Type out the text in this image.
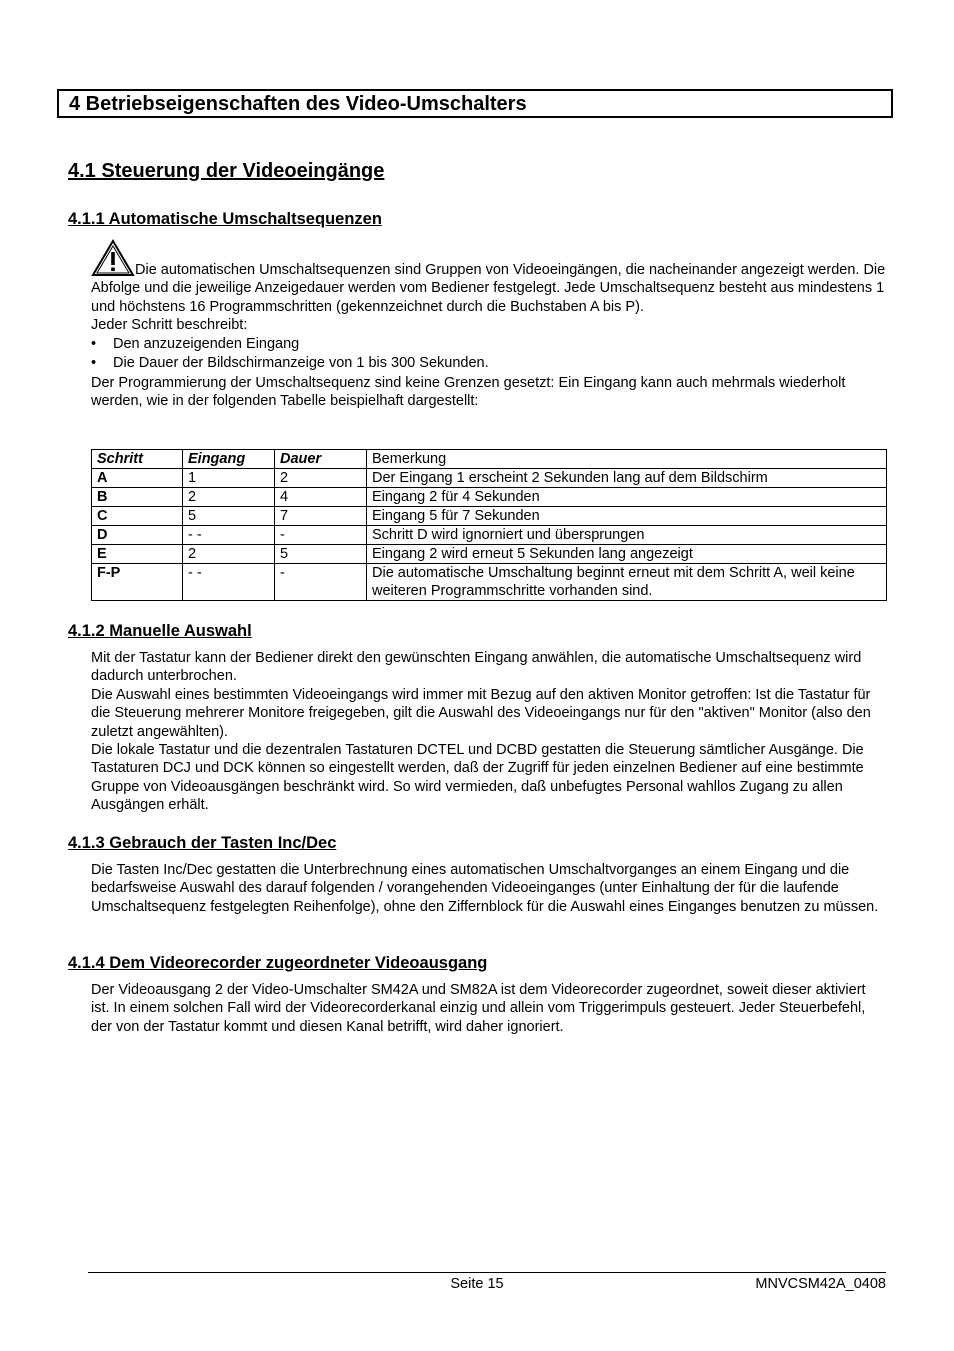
4 Betriebseigenschaften des Video-Umschalters
4.1 Steuerung der Videoeingänge
4.1.1 Automatische Umschaltsequenzen

Die automatischen Umschaltsequenzen sind Gruppen von Videoeingängen, die nacheinander angezeigt werden. Die Abfolge und die jeweilige Anzeigedauer werden vom Bediener festgelegt. Jede Umschaltsequenz besteht aus mindestens 1 und höchstens 16 Programmschritten (gekennzeichnet durch die Buchstaben A bis P).

Jeder Schritt beschreibt:

• Den anzuzeigenden Eingang
• Die Dauer der Bildschirmanzeige von 1 bis 300 Sekunden.

Der Programmierung der Umschaltsequenz sind keine Grenzen gesetzt: Ein Eingang kann auch mehrmals wiederholt werden, wie in der folgenden Tabelle beispielhaft dargestellt:

Schritt	Eingang	Dauer	Bemerkung
A	1	2	Der Eingang 1 erscheint 2 Sekunden lang auf dem Bildschirm
B	2	4	Eingang 2 für 4 Sekunden
C	5	7	Eingang 5 für 7 Sekunden
D	- -	-	Schritt D wird ignorniert und übersprungen
E	2	5	Eingang 2 wird erneut 5 Sekunden lang angezeigt
F-P	- -	-	Die automatische Umschaltung beginnt erneut mit dem Schritt A, weil keine weiteren Programmschritte vorhanden sind.
4.1.2 Manuelle Auswahl

Mit der Tastatur kann der Bediener direkt den gewünschten Eingang anwählen, die automatische Umschaltsequenz wird dadurch unterbrochen.

Die Auswahl eines bestimmten Videoeingangs wird immer mit Bezug auf den aktiven Monitor getroffen: Ist die Tastatur für die Steuerung mehrerer Monitore freigegeben, gilt die Auswahl des Videoeingangs nur für den "aktiven" Monitor (also den zuletzt angewählten).

Die lokale Tastatur und die dezentralen Tastaturen DCTEL und DCBD gestatten die Steuerung sämtlicher Ausgänge. Die Tastaturen DCJ und DCK können so eingestellt werden, daß der Zugriff für jeden einzelnen Bediener auf eine bestimmte Gruppe von Videoausgängen beschränkt wird. So wird vermieden, daß unbefugtes Personal wahllos Zugang zu allen Ausgängen erhält.

4.1.3 Gebrauch der Tasten Inc/Dec

Die Tasten Inc/Dec gestatten die Unterbrechnung eines automatischen Umschaltvorganges an einem Eingang und die bedarfsweise Auswahl des darauf folgenden / vorangehenden Videoeinganges (unter Einhaltung der für die laufende Umschaltsequenz festgelegten Reihenfolge), ohne den Ziffernblock für die Auswahl eines Einganges benutzen zu müssen.

4.1.4 Dem Videorecorder zugeordneter Videoausgang

Der Videoausgang 2 der Video-Umschalter SM42A und SM82A ist dem Videorecorder zugeordnet, soweit dieser aktiviert ist. In einem solchen Fall wird der Videorecorderkanal einzig und allein vom Triggerimpuls gesteuert. Jeder Steuerbefehl, der von der Tastatur kommt und diesen Kanal betrifft, wird daher ignoriert.

Seite 15	MNVCSM42A_0408
